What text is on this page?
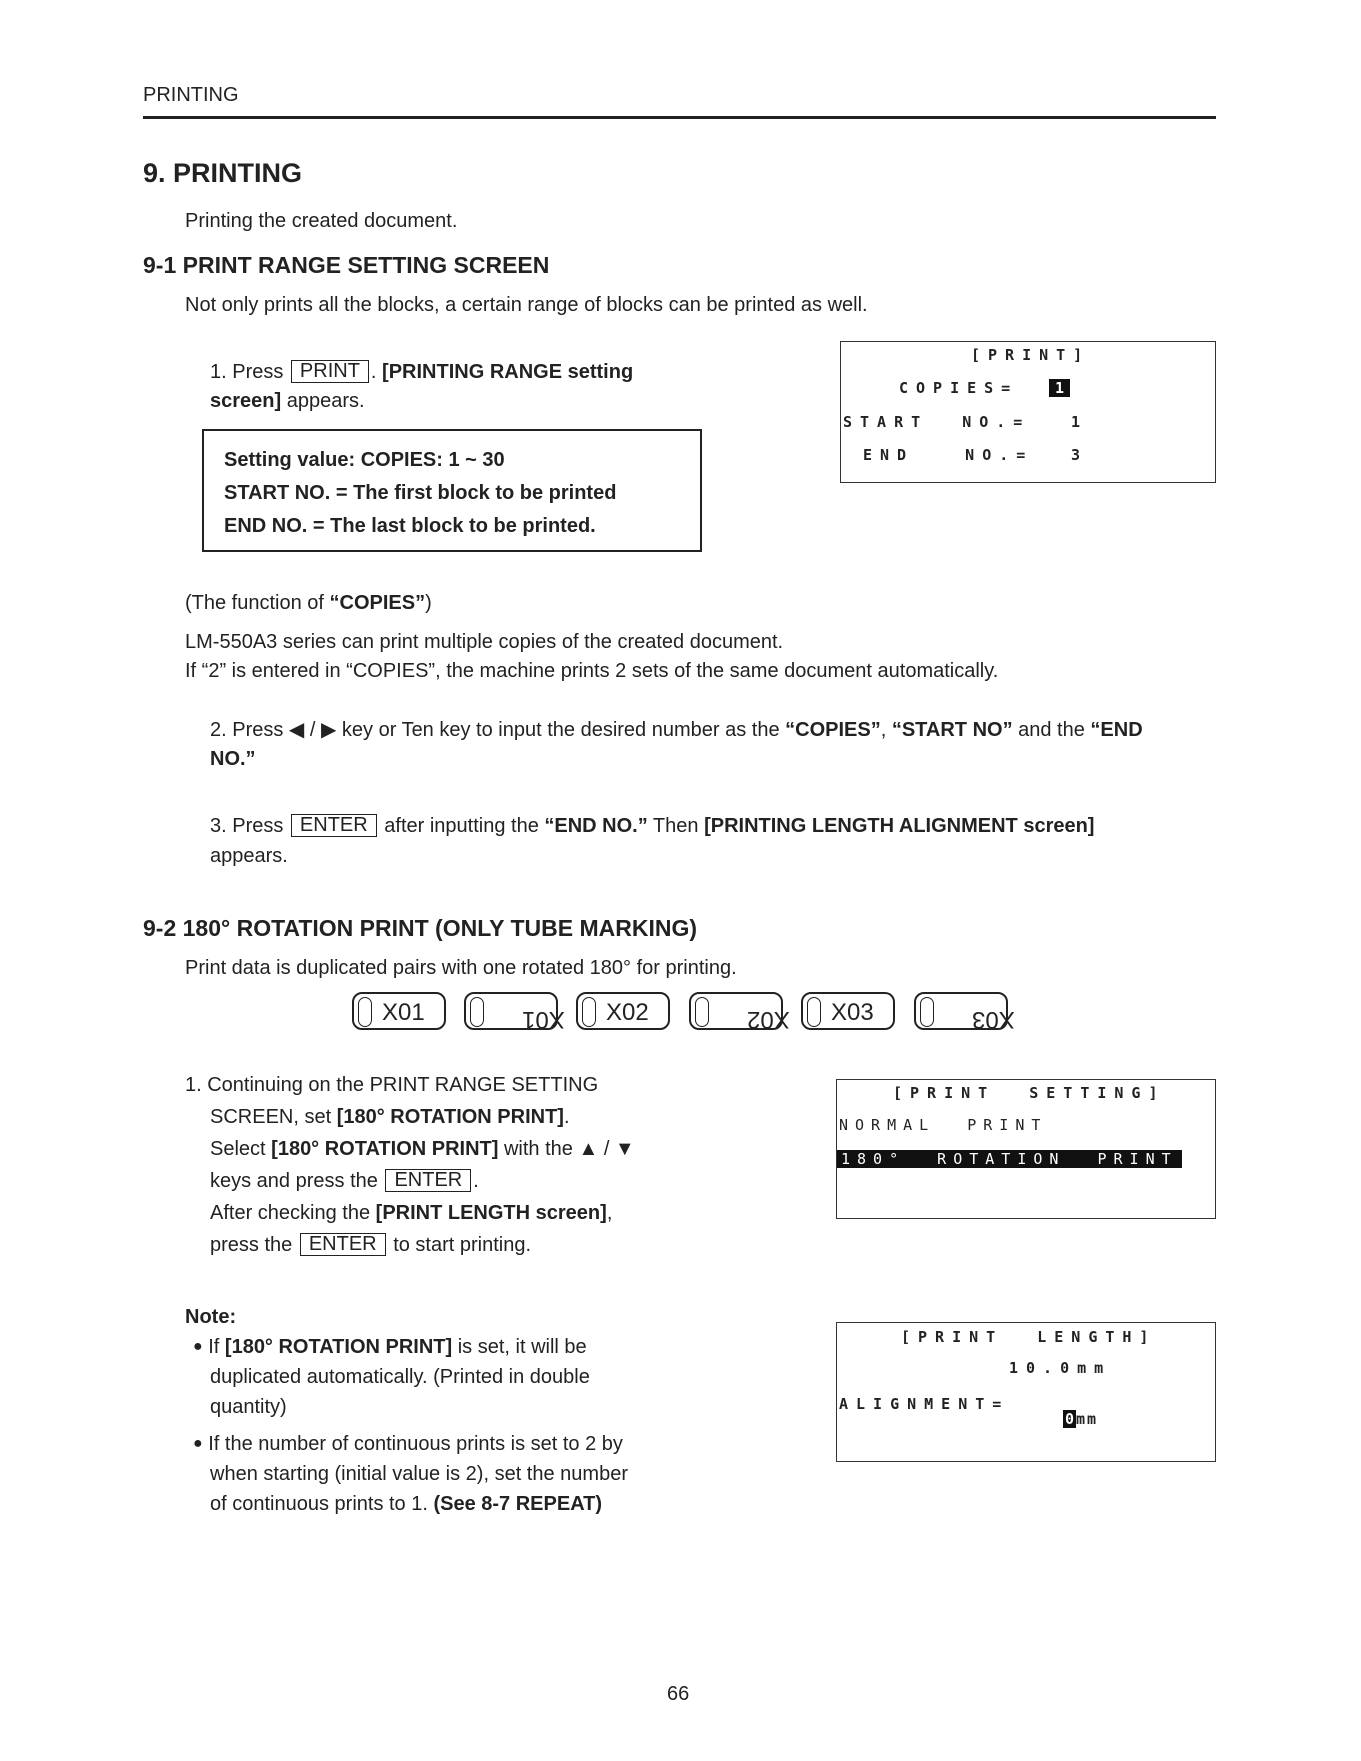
PRINTING
9. PRINTING
Printing the created document.
9-1 PRINT RANGE SETTING SCREEN
Not only prints all the blocks, a certain range of blocks can be printed as well.
1. Press PRINT . [PRINTING RANGE setting
screen] appears.
Setting value: COPIES: 1 ~ 30
START NO. = The first block to be printed
END NO. = The last block to be printed.
[PRINT]
COPIES=	1
START  NO.=	1
END   NO.=	3
(The function of “COPIES”)
LM-550A3 series can print multiple copies of the created document.
If “2” is entered in “COPIES”, the machine prints 2 sets of the same document automatically.
2. Press ◀ / ▶ key or Ten key to input the desired number as the “COPIES”, “START NO” and the “END
NO.”
3. Press ENTER after inputting the “END NO.” Then [PRINTING LENGTH ALIGNMENT screen]
appears.
9-2 180° ROTATION PRINT (ONLY TUBE MARKING)
Print data is duplicated pairs with one rotated 180° for printing.
X01	X01 X02	X02 X03	X03
1. Continuing on the PRINT RANGE SETTING
SCREEN, set [180° ROTATION PRINT].
Select [180° ROTATION PRINT] with the ▲ / ▼
keys and press the ENTER .
After checking the [PRINT LENGTH screen],
press the ENTER to start printing.
[PRINT  SETTING]
NORMAL  PRINT
180°  ROTATION  PRINT
Note:
● If [180° ROTATION PRINT] is set, it will be
duplicated automatically. (Printed in double
quantity)
● If the number of continuous prints is set to 2 by
when starting (initial value is 2), set the number
of continuous prints to 1. (See 8-7 REPEAT)
[PRINT  LENGTH]
10.0mm
ALIGNMENT=
0 mm
66
